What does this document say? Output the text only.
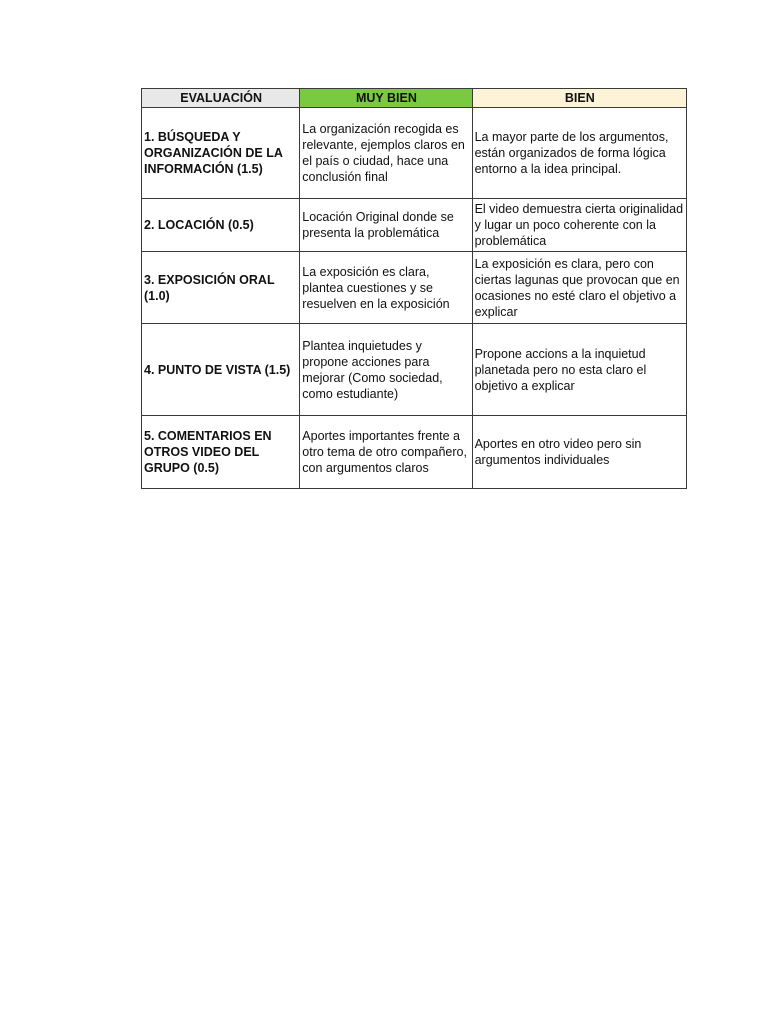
EVALUACIÓN	MUY BIEN	BIEN
1. BÚSQUEDA Y ORGANIZACIÓN DE LA INFORMACIÓN (1.5)	La organización recogida es relevante, ejemplos claros en el país o ciudad, hace una conclusión final	La mayor parte de los argumentos, están organizados de forma lógica entorno a la idea principal.
2. LOCACIÓN (0.5)	Locación Original donde se presenta la problemática	El video demuestra cierta originalidad y lugar un poco coherente con la problemática
3. EXPOSICIÓN ORAL (1.0)	La exposición es clara, plantea cuestiones y se resuelven en la exposición	La exposición es clara, pero con ciertas lagunas que provocan que en ocasiones no esté claro el objetivo a explicar
4. PUNTO DE VISTA (1.5)	Plantea inquietudes y propone acciones para mejorar (Como sociedad, como estudiante)	Propone accions a la inquietud planetada pero no esta claro el objetivo a explicar
5. COMENTARIOS EN OTROS VIDEO DEL GRUPO (0.5)	Aportes importantes frente a otro tema de otro compañero, con argumentos claros	Aportes en otro video pero sin argumentos individuales
